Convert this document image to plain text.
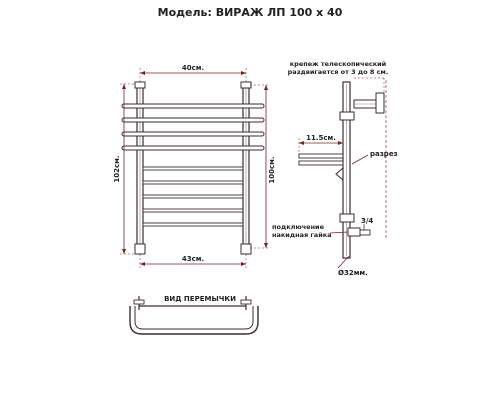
Модель: ВИРАЖ ЛП 100 x 40
40см.
43см.
102см.	100см.
крепеж телескопический
раздвигается от 3 до 8 см.
11.5см.
разрез
3/4
подключение
накидная гайка
Ø32мм.
ВИД ПЕРЕМЫЧКИ
